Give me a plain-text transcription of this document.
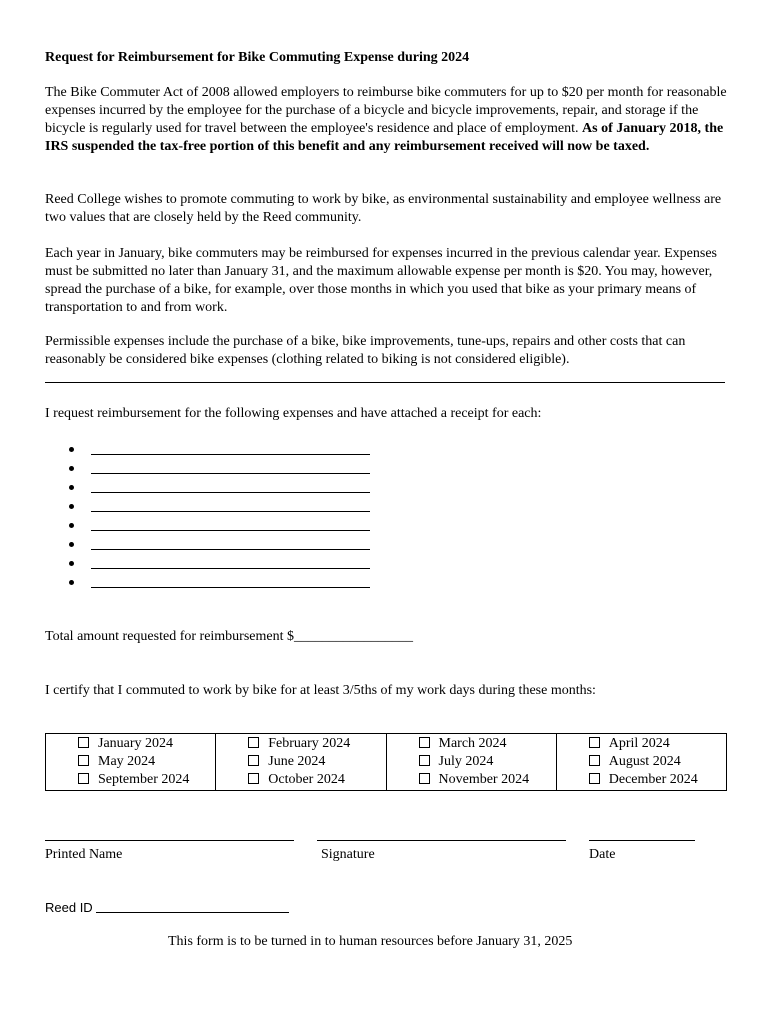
Request for Reimbursement for Bike Commuting Expense during 2024

The Bike Commuter Act of 2008 allowed employers to reimburse bike commuters for up to $20 per month for reasonable expenses incurred by the employee for the purchase of a bicycle and bicycle improvements, repair, and storage if the bicycle is regularly used for travel between the employee's residence and place of employment. As of January 2018, the IRS suspended the tax-free portion of this benefit and any reimbursement received will now be taxed.

Reed College wishes to promote commuting to work by bike, as environmental sustainability and employee wellness are two values that are closely held by the Reed community.

Each year in January, bike commuters may be reimbursed for expenses incurred in the previous calendar year. Expenses must be submitted no later than January 31, and the maximum allowable expense per month is $20. You may, however, spread the purchase of a bike, for example, over those months in which you used that bike as your primary means of transportation to and from work.

Permissible expenses include the purchase of a bike, bike improvements, tune-ups, repairs and other costs that can reasonably be considered bike expenses (clothing related to biking is not considered eligible).

I request reimbursement for the following expenses and have attached a receipt for each:
Total amount requested for reimbursement $_________________
I certify that I commuted to work by bike for at least 3/5ths of my work days during these months:
January 2024
May 2024
September 2024

February 2024
June 2024
October 2024

March 2024
July 2024
November 2024

April 2024
August 2024
December 2024
Printed Name	Signature	Date
Reed ID
This form is to be turned in to human resources before January 31, 2025
